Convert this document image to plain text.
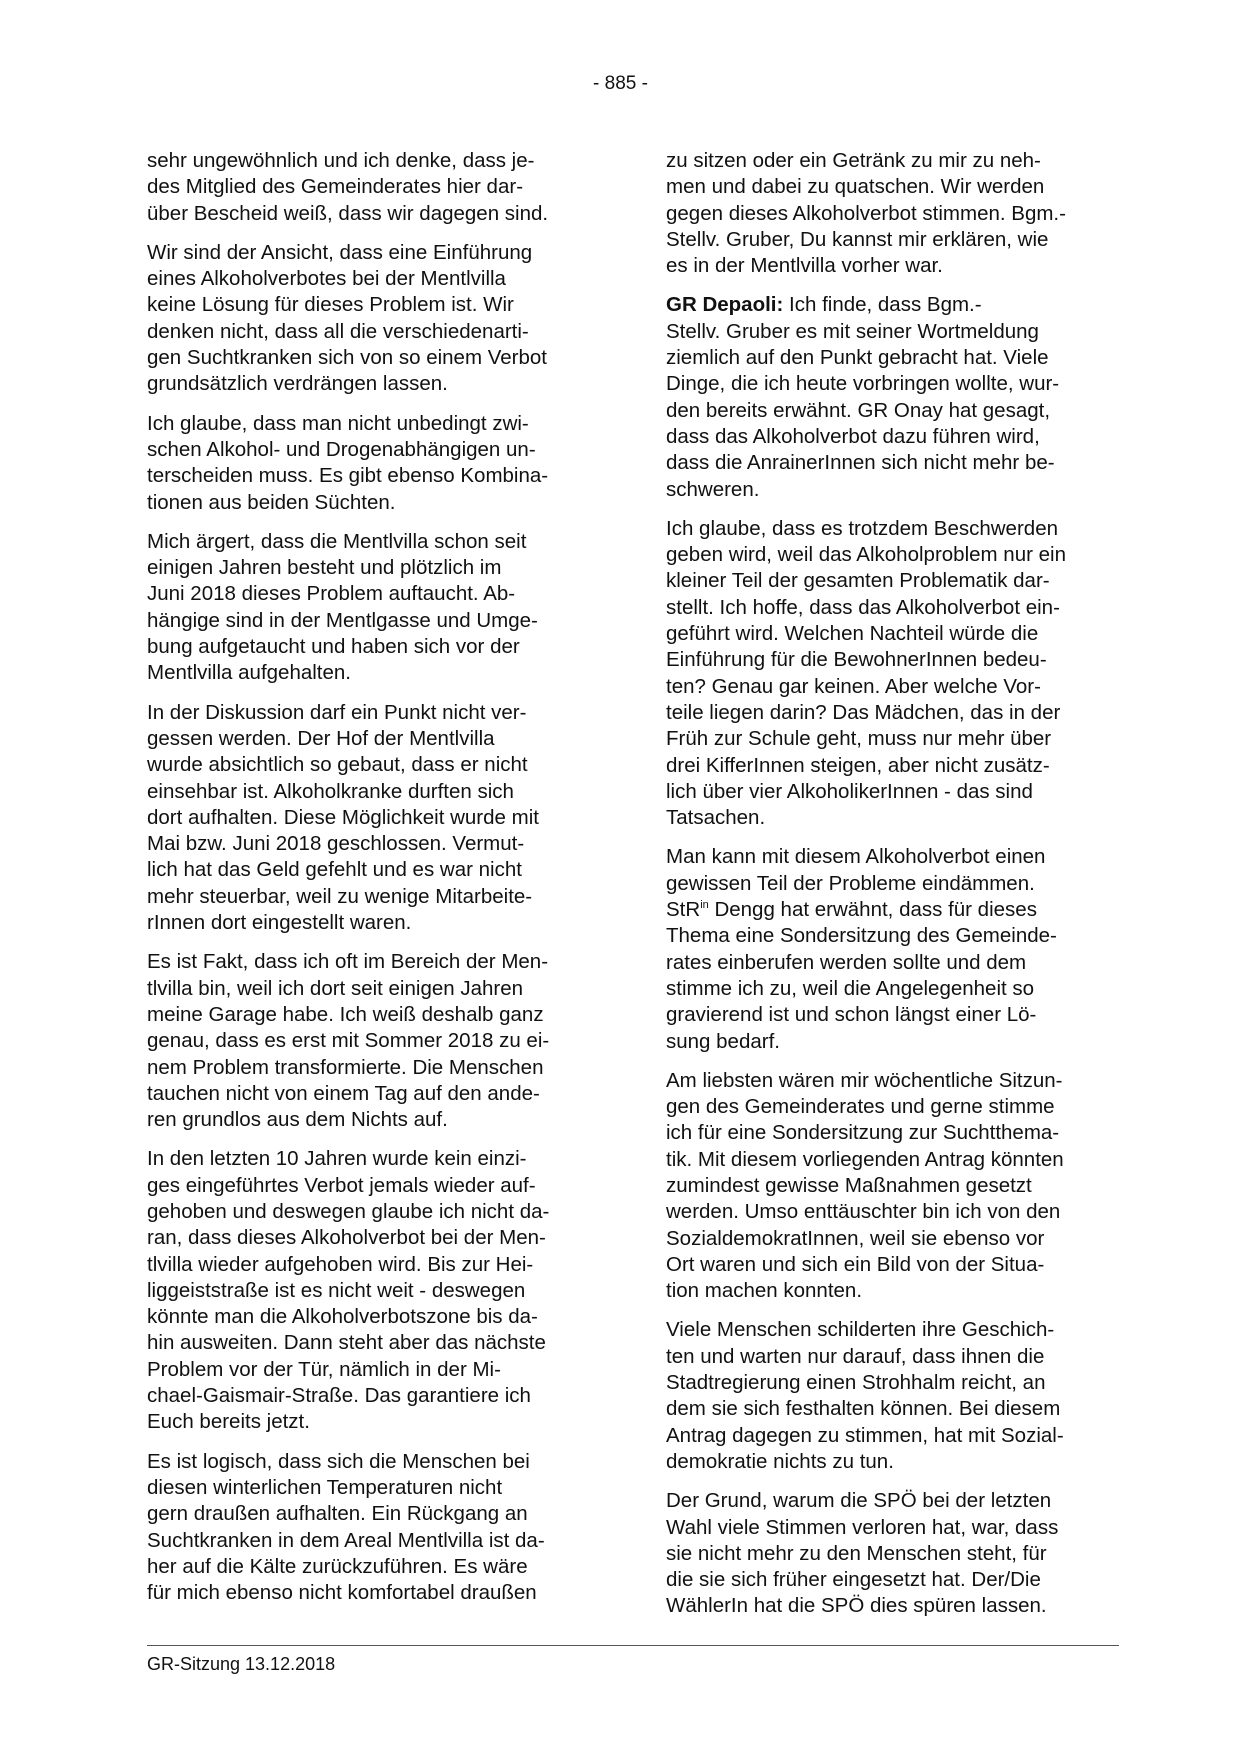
- 885 -

sehr ungewöhnlich und ich denke, dass je-
des Mitglied des Gemeinderates hier dar-
über Bescheid weiß, dass wir dagegen sind.

Wir sind der Ansicht, dass eine Einführung
eines Alkoholverbotes bei der Mentlvilla
keine Lösung für dieses Problem ist. Wir
denken nicht, dass all die verschiedenarti-
gen Suchtkranken sich von so einem Verbot
grundsätzlich verdrängen lassen.

Ich glaube, dass man nicht unbedingt zwi-
schen Alkohol- und Drogenabhängigen un-
terscheiden muss. Es gibt ebenso Kombina-
tionen aus beiden Süchten.

Mich ärgert, dass die Mentlvilla schon seit
einigen Jahren besteht und plötzlich im
Juni 2018 dieses Problem auftaucht. Ab-
hängige sind in der Mentlgasse und Umge-
bung aufgetaucht und haben sich vor der
Mentlvilla aufgehalten.

In der Diskussion darf ein Punkt nicht ver-
gessen werden. Der Hof der Mentlvilla
wurde absichtlich so gebaut, dass er nicht
einsehbar ist. Alkoholkranke durften sich
dort aufhalten. Diese Möglichkeit wurde mit
Mai bzw. Juni 2018 geschlossen. Vermut-
lich hat das Geld gefehlt und es war nicht
mehr steuerbar, weil zu wenige Mitarbeite-
rInnen dort eingestellt waren.

Es ist Fakt, dass ich oft im Bereich der Men-
tlvilla bin, weil ich dort seit einigen Jahren
meine Garage habe. Ich weiß deshalb ganz
genau, dass es erst mit Sommer 2018 zu ei-
nem Problem transformierte. Die Menschen
tauchen nicht von einem Tag auf den ande-
ren grundlos aus dem Nichts auf.

In den letzten 10 Jahren wurde kein einzi-
ges eingeführtes Verbot jemals wieder auf-
gehoben und deswegen glaube ich nicht da-
ran, dass dieses Alkoholverbot bei der Men-
tlvilla wieder aufgehoben wird. Bis zur Hei-
liggeiststraße ist es nicht weit - deswegen
könnte man die Alkoholverbotszone bis da-
hin ausweiten. Dann steht aber das nächste
Problem vor der Tür, nämlich in der Mi-
chael-Gaismair-Straße. Das garantiere ich
Euch bereits jetzt.

Es ist logisch, dass sich die Menschen bei
diesen winterlichen Temperaturen nicht
gern draußen aufhalten. Ein Rückgang an
Suchtkranken in dem Areal Mentlvilla ist da-
her auf die Kälte zurückzuführen. Es wäre
für mich ebenso nicht komfortabel draußen

zu sitzen oder ein Getränk zu mir zu neh-
men und dabei zu quatschen. Wir werden
gegen dieses Alkoholverbot stimmen. Bgm.-
Stellv. Gruber, Du kannst mir erklären, wie
es in der Mentlvilla vorher war.

GR Depaoli: Ich finde, dass Bgm.-
Stellv. Gruber es mit seiner Wortmeldung
ziemlich auf den Punkt gebracht hat. Viele
Dinge, die ich heute vorbringen wollte, wur-
den bereits erwähnt. GR Onay hat gesagt,
dass das Alkoholverbot dazu führen wird,
dass die AnrainerInnen sich nicht mehr be-
schweren.

Ich glaube, dass es trotzdem Beschwerden
geben wird, weil das Alkoholproblem nur ein
kleiner Teil der gesamten Problematik dar-
stellt. Ich hoffe, dass das Alkoholverbot ein-
geführt wird. Welchen Nachteil würde die
Einführung für die BewohnerInnen bedeu-
ten? Genau gar keinen. Aber welche Vor-
teile liegen darin? Das Mädchen, das in der
Früh zur Schule geht, muss nur mehr über
drei KifferInnen steigen, aber nicht zusätz-
lich über vier AlkoholikerInnen - das sind
Tatsachen.

Man kann mit diesem Alkoholverbot einen
gewissen Teil der Probleme eindämmen.
StR$^{in}$ Dengg hat erwähnt, dass für dieses
Thema eine Sondersitzung des Gemeinde-
rates einberufen werden sollte und dem
stimme ich zu, weil die Angelegenheit so
gravierend ist und schon längst einer Lö-
sung bedarf.

Am liebsten wären mir wöchentliche Sitzun-
gen des Gemeinderates und gerne stimme
ich für eine Sondersitzung zur Suchtthema-
tik. Mit diesem vorliegenden Antrag könnten
zumindest gewisse Maßnahmen gesetzt
werden. Umso enttäuschter bin ich von den
SozialdemokratInnen, weil sie ebenso vor
Ort waren und sich ein Bild von der Situa-
tion machen konnten.

Viele Menschen schilderten ihre Geschich-
ten und warten nur darauf, dass ihnen die
Stadtregierung einen Strohhalm reicht, an
dem sie sich festhalten können. Bei diesem
Antrag dagegen zu stimmen, hat mit Sozial-
demokratie nichts zu tun.

Der Grund, warum die SPÖ bei der letzten
Wahl viele Stimmen verloren hat, war, dass
sie nicht mehr zu den Menschen steht, für
die sie sich früher eingesetzt hat. Der/Die
WählerIn hat die SPÖ dies spüren lassen.

GR-Sitzung 13.12.2018
